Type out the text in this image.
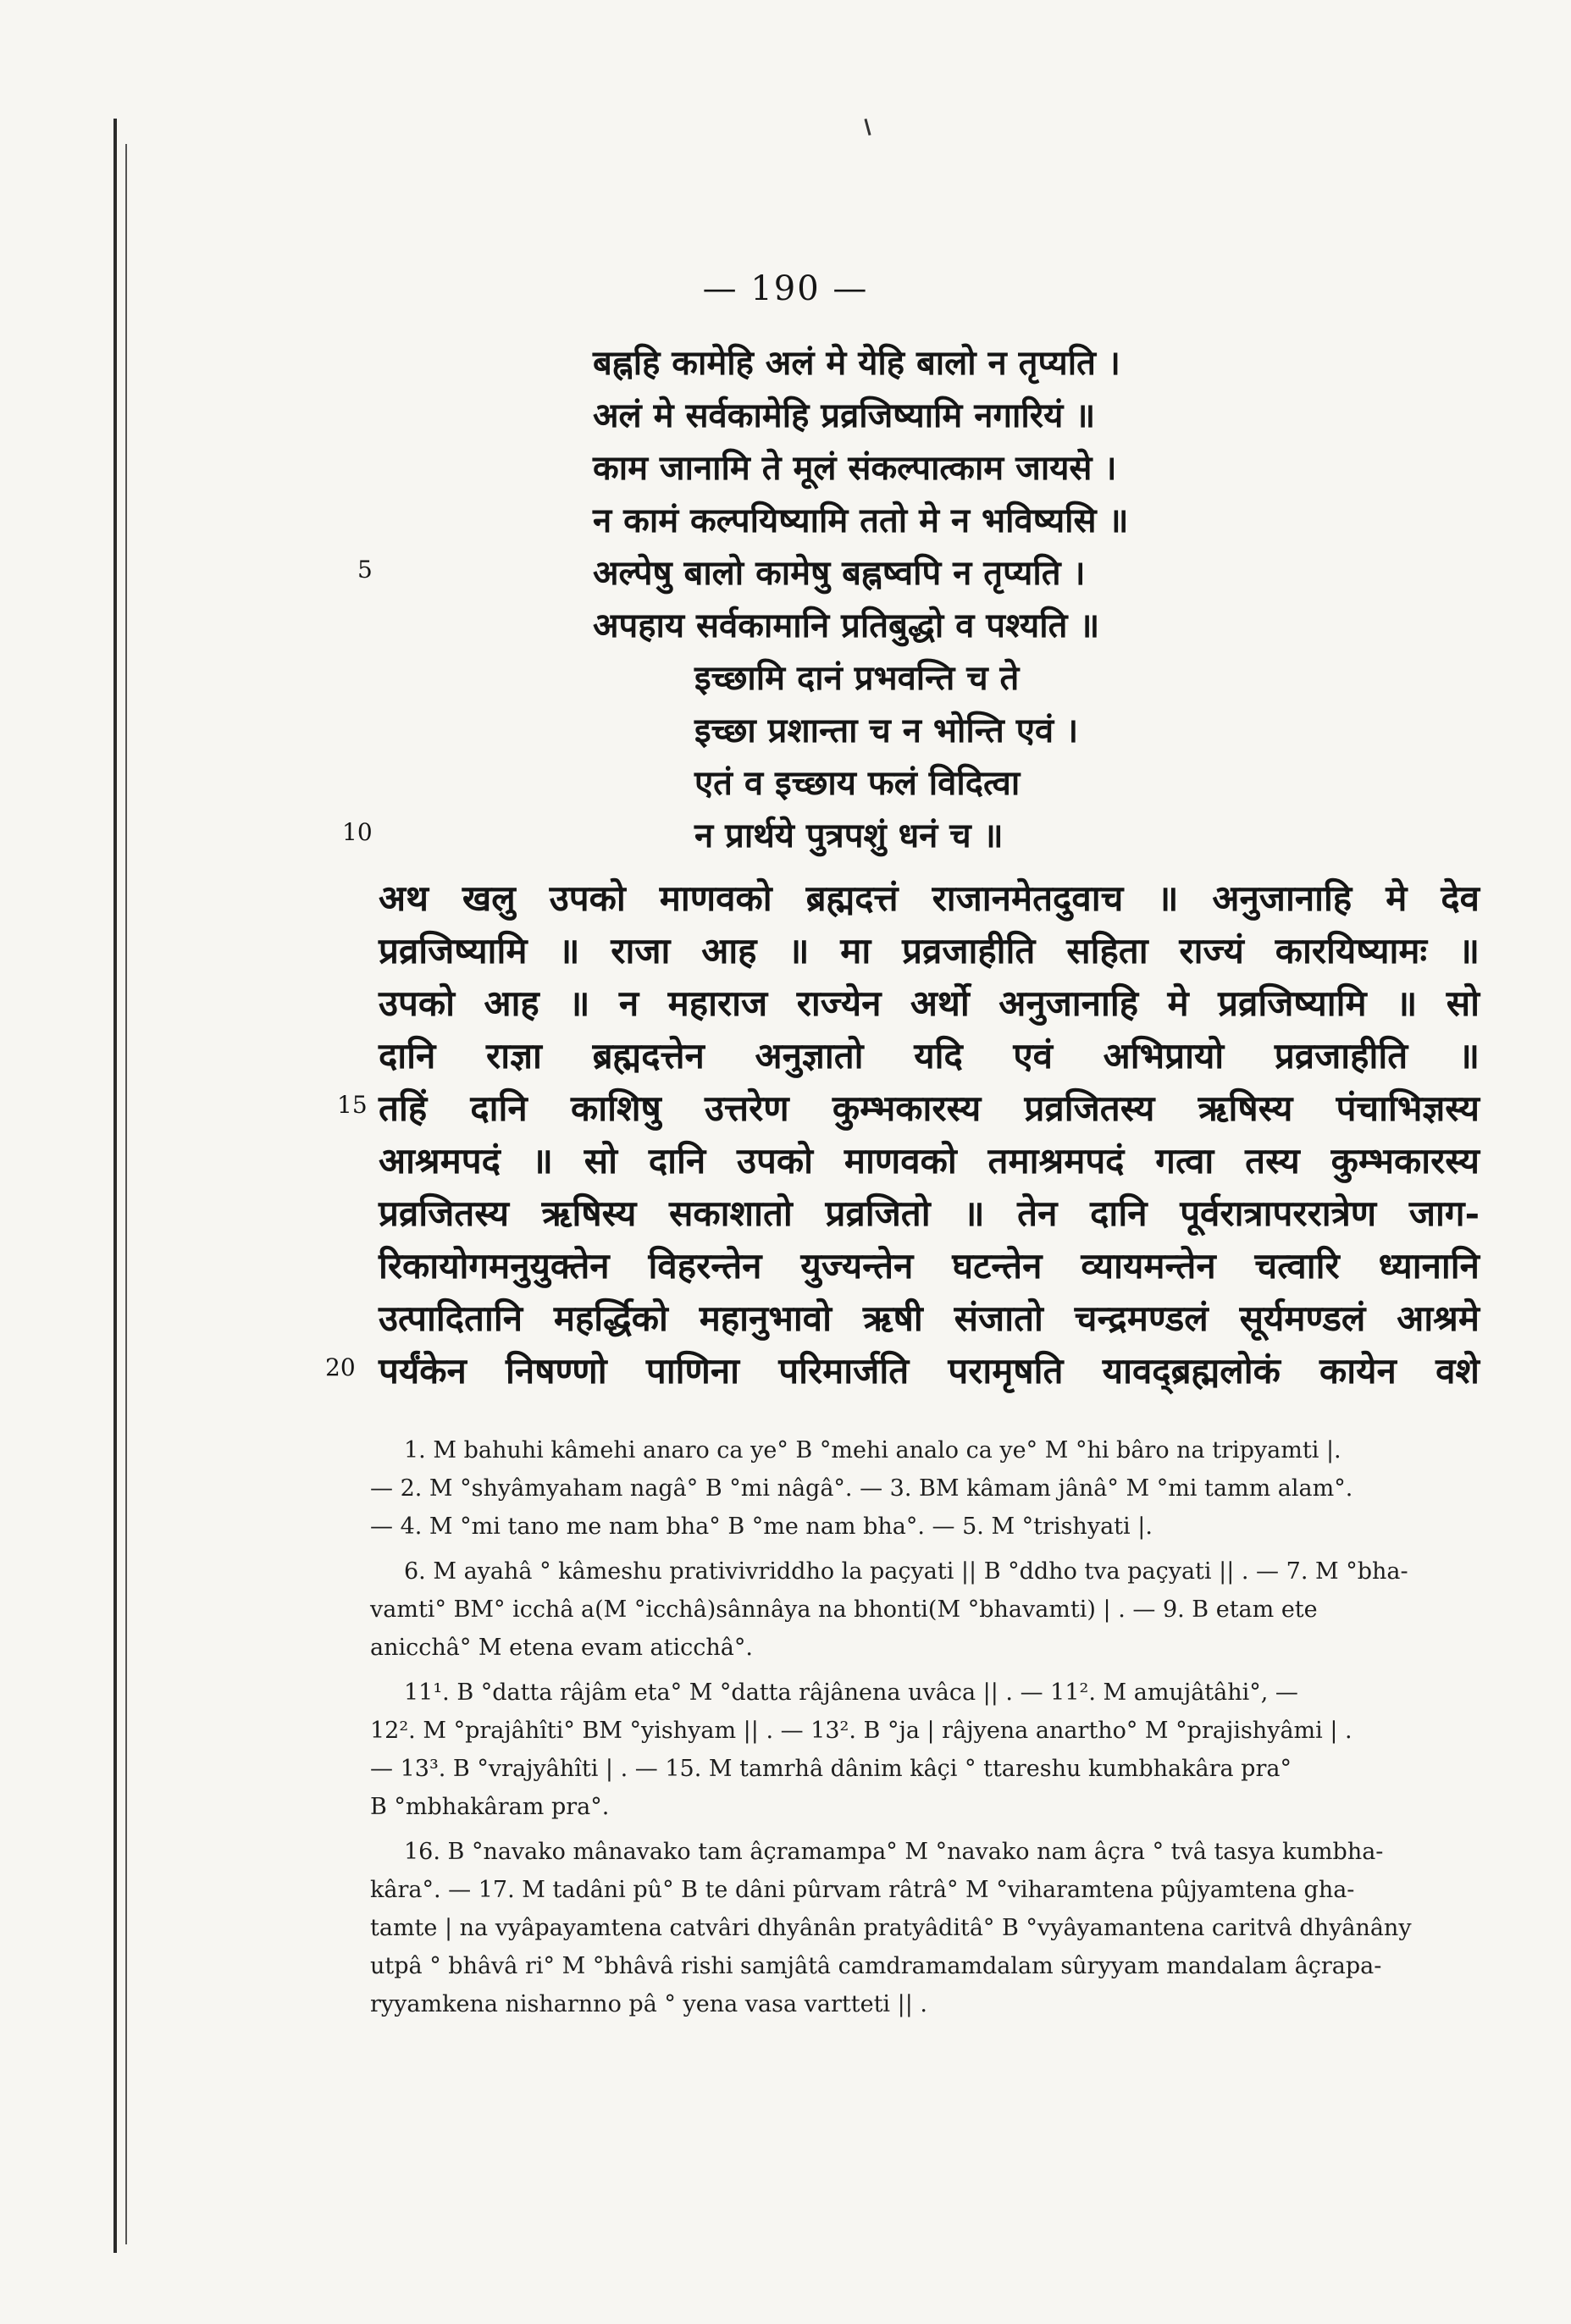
— 190 —
बह्नहि कामेहि अलं मे येहि बालो न तृप्यति ।
अलं मे सर्वकामेहि प्रव्रजिष्यामि नगारियं ॥
काम जानामि ते मूलं संकल्पात्काम जायसे ।
न कामं कल्पयिष्यामि ततो मे न भविष्यसि ॥
5	अल्पेषु बालो कामेषु बह्नष्वपि न तृप्यति ।
अपहाय सर्वकामानि प्रतिबुद्धो व पश्यति ॥
इच्छामि दानं प्रभवन्ति च ते
इच्छा प्रशान्ता च न भोन्ति एवं ।
एतं व इच्छाय फलं विदित्वा
10	न प्रार्थये पुत्रपशुं धनं च ॥
अथ खलु उपको माणवको ब्रह्मदत्तं राजानमेतदुवाच ॥ अनुजानाहि मे देव
प्रव्रजिष्यामि ॥ राजा आह ॥ मा प्रव्रजाहीति सहिता राज्यं कारयिष्यामः ॥
उपको आह ॥ न महाराज राज्येन अर्थो अनुजानाहि मे प्रव्रजिष्यामि ॥ सो
दानि राज्ञा ब्रह्मदत्तेन अनुज्ञातो यदि एवं अभिप्रायो प्रव्रजाहीति ॥
तहिं दानि काशिषु उत्तरेण कुम्भकारस्य प्रव्रजितस्य ऋषिस्य पंचाभिज्ञस्य
आश्रमपदं ॥ सो दानि उपको माणवको तमाश्रमपदं गत्वा तस्य कुम्भकारस्य
प्रव्रजितस्य ऋषिस्य सकाशातो प्रव्रजितो ॥ तेन दानि पूर्वरात्रापररात्रेण जाग-
रिकायोगमनुयुक्तेन विहरन्तेन युज्यन्तेन घटन्तेन व्यायमन्तेन चत्वारि ध्यानानि
उत्पादितानि महर्द्धिको महानुभावो ऋषी संजातो चन्द्रमण्डलं सूर्यमण्डलं आश्रमे
पर्यंकेन निषण्णो पाणिना परिमार्जति परामृषति यावद्ब्रह्मलोकं कायेन वशे
15
20
1. M bahuhi kâmehi anaro ca ye° B °mehi analo ca ye° M °hi bâro na tripyamti |.
— 2. M °shyâmyaham nagâ° B °mi nâgâ°. — 3. BM kâmam jânâ° M °mi tamm alam°.
— 4. M °mi tano me nam bha° B °me nam bha°. — 5. M °trishyati |.
6. M ayahâ ° kâmeshu prativivriddho la paçyati || B °ddho tva paçyati || . — 7. M °bha-
vamti° BM° icchâ a(M °icchâ)sânnâya na bhonti(M °bhavamti) | . — 9. B etam ete
anicchâ° M etena evam aticchâ°.
11¹. B °datta râjâm eta° M °datta râjânena uvâca || . — 11². M amujâtâhi°, —
12². M °prajâhîti° BM °yishyam || . — 13². B °ja | râjyena anartho° M °prajishyâmi | .
— 13³. B °vrajyâhîti | . — 15. M tamrhâ dânim kâçi ° ttareshu kumbhakâra pra°
B °mbhakâram pra°.
16. B °navako mânavako tam âçramampa° M °navako nam âçra ° tvâ tasya kumbha-
kâra°. — 17. M tadâni pû° B te dâni pûrvam râtrâ° M °viharamtena pûjyamtena gha-
tamte | na vyâpayamtena catvâri dhyânân pratyâditâ° B °vyâyamantena caritvâ dhyânâny
utpâ ° bhâvâ ri° M °bhâvâ rishi samjâtâ camdramamdalam sûryyam mandalam âçrapa-
ryyamkena nisharnno pâ ° yena vasa vartteti || .
